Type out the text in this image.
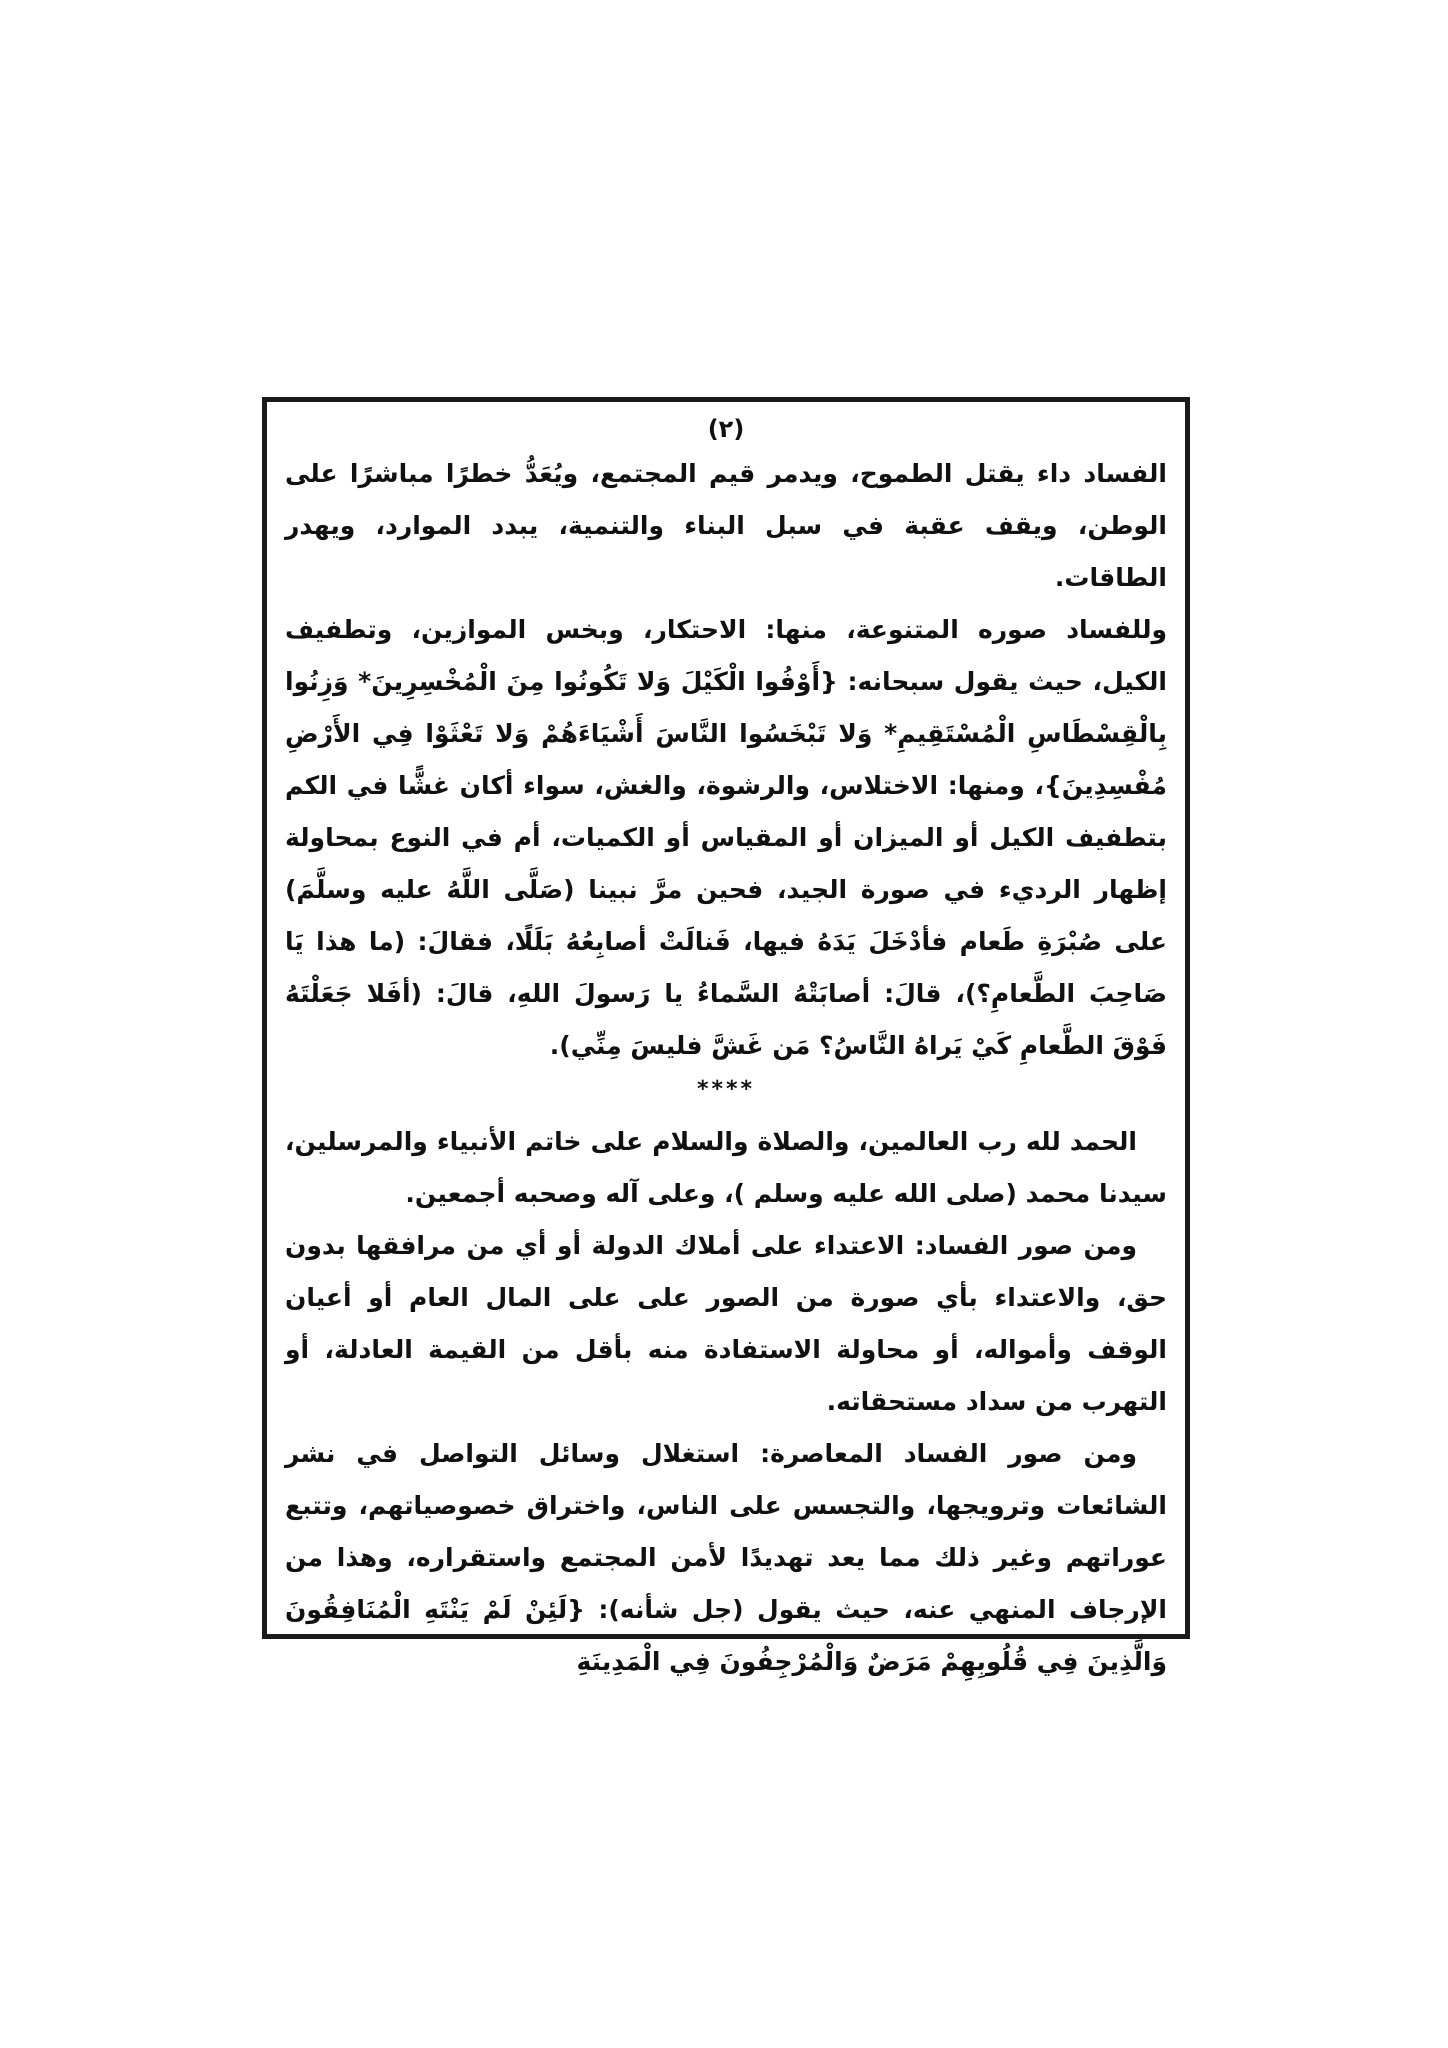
(٢)

الفساد داء يقتل الطموح، ويدمر قيم المجتمع، ويُعَدُّ خطرًا مباشرًا على الوطن، ويقف عقبة في سبل البناء والتنمية، يبدد الموارد، ويهدر الطاقات.

وللفساد صوره المتنوعة، منها: الاحتكار، وبخس الموازين، وتطفيف الكيل، حيث يقول سبحانه: {أَوْفُوا الْكَيْلَ وَلا تَكُونُوا مِنَ الْمُخْسِرِينَ* وَزِنُوا بِالْقِسْطَاسِ الْمُسْتَقِيمِ* وَلا تَبْخَسُوا النَّاسَ أَشْيَاءَهُمْ وَلا تَعْثَوْا فِي الأَرْضِ مُفْسِدِينَ}، ومنها: الاختلاس، والرشوة، والغش، سواء أكان غشًّا في الكم بتطفيف الكيل أو الميزان أو المقياس أو الكميات، أم في النوع بمحاولة إظهار الرديء في صورة الجيد، فحين مرَّ نبينا (صَلَّى اللَّهُ عليه وسلَّمَ) على صُبْرَةِ طَعام فأدْخَلَ يَدَهُ فيها، فَنالَتْ أصابِعُهُ بَلَلًا، فقالَ: (ما هذا يَا صَاحِبَ الطَّعامِ؟)، قالَ: أصابَتْهُ السَّماءُ يا رَسولَ اللهِ، قالَ: (أفَلا جَعَلْتَهُ فَوْقَ الطَّعامِ كَيْ يَراهُ النَّاسُ؟ مَن غَشَّ فليسَ مِنِّي).

****

الحمد لله رب العالمين، والصلاة والسلام على خاتم الأنبياء والمرسلين، سيدنا محمد (صلى الله عليه وسلم )، وعلى آله وصحبه أجمعين.

ومن صور الفساد: الاعتداء على أملاك الدولة أو أي من مرافقها بدون حق، والاعتداء بأي صورة من الصور على على المال العام أو أعيان الوقف وأمواله، أو محاولة الاستفادة منه بأقل من القيمة العادلة، أو التهرب من سداد مستحقاته.

ومن صور الفساد المعاصرة: استغلال وسائل التواصل في نشر الشائعات وترويجها، والتجسس على الناس، واختراق خصوصياتهم، وتتبع عوراتهم وغير ذلك مما يعد تهديدًا لأمن المجتمع واستقراره، وهذا من الإرجاف المنهي عنه، حيث يقول (جل شأنه): {لَئِنْ لَمْ يَنْتَهِ الْمُنَافِقُونَ وَالَّذِينَ فِي قُلُوبِهِمْ مَرَضٌ وَالْمُرْجِفُونَ فِي الْمَدِينَةِ
